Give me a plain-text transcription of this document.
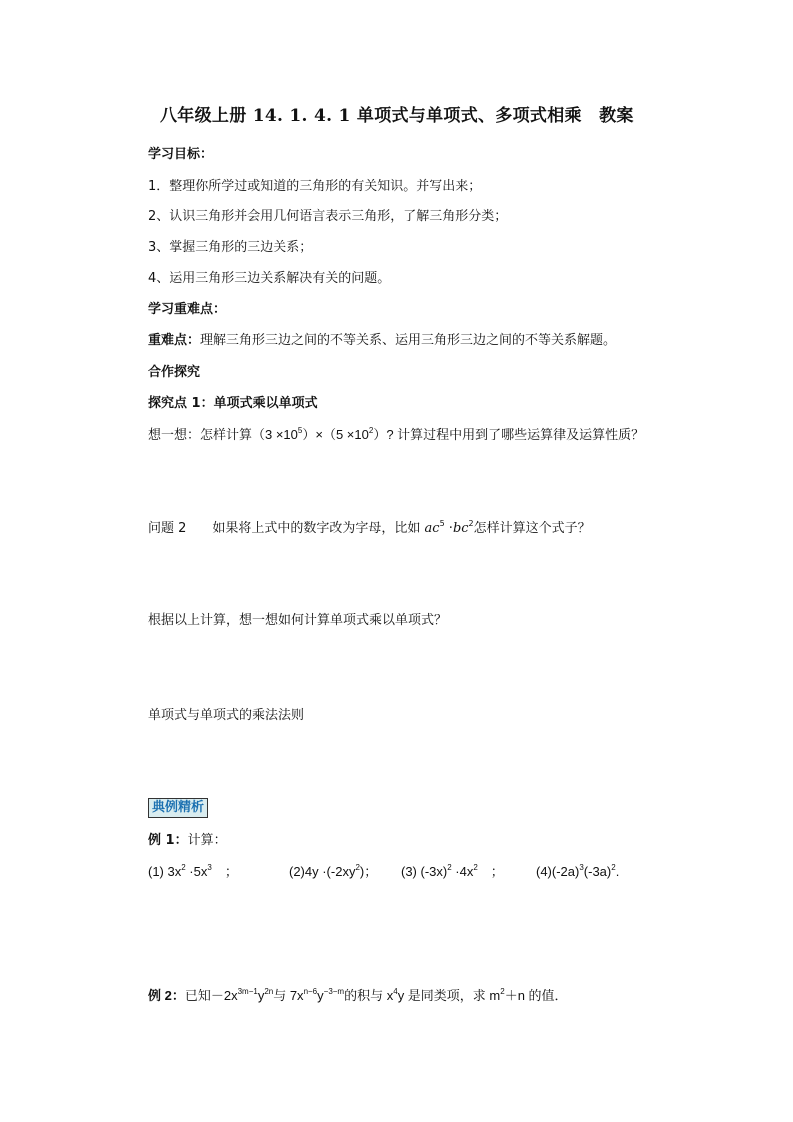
八年级上册 14. 1. 4. 1 单项式与单项式、多项式相乘　教案
学习目标：
1．整理你所学过或知道的三角形的有关知识。并写出来；
2、认识三角形并会用几何语言表示三角形，了解三角形分类；
3、掌握三角形的三边关系；
4、运用三角形三边关系解决有关的问题。
学习重难点：
重难点：理解三角形三边之间的不等关系、运用三角形三边之间的不等关系解题。
合作探究
探究点 1：单项式乘以单项式
想一想：怎样计算$(3 \times 10^5)\times(5 \times 10^2)$? 计算过程中用到了哪些运算律及运算性质？
问题 2　　如果将上式中的数字改为字母，比如 $ac^5 \cdot bc^2$怎样计算这个式子？
根据以上计算，想一想如何计算单项式乘以单项式？
单项式与单项式的乘法法则
典例精析
例 1：计算：
(1) $3x^2 \cdot 5x^3$　；	$(2)4y \cdot(-2xy^2)$； (3) $(-3x)^2 \cdot 4x^2$　； $(4)(-2a)^3(-3a)^2$.
例 2：已知$-2x^{3m-1}y^{2n}$与 $7x^{n-6}y^{-3-m}$的积与 $x^4y$ 是同类项，求 $m^2+n$ 的值．
